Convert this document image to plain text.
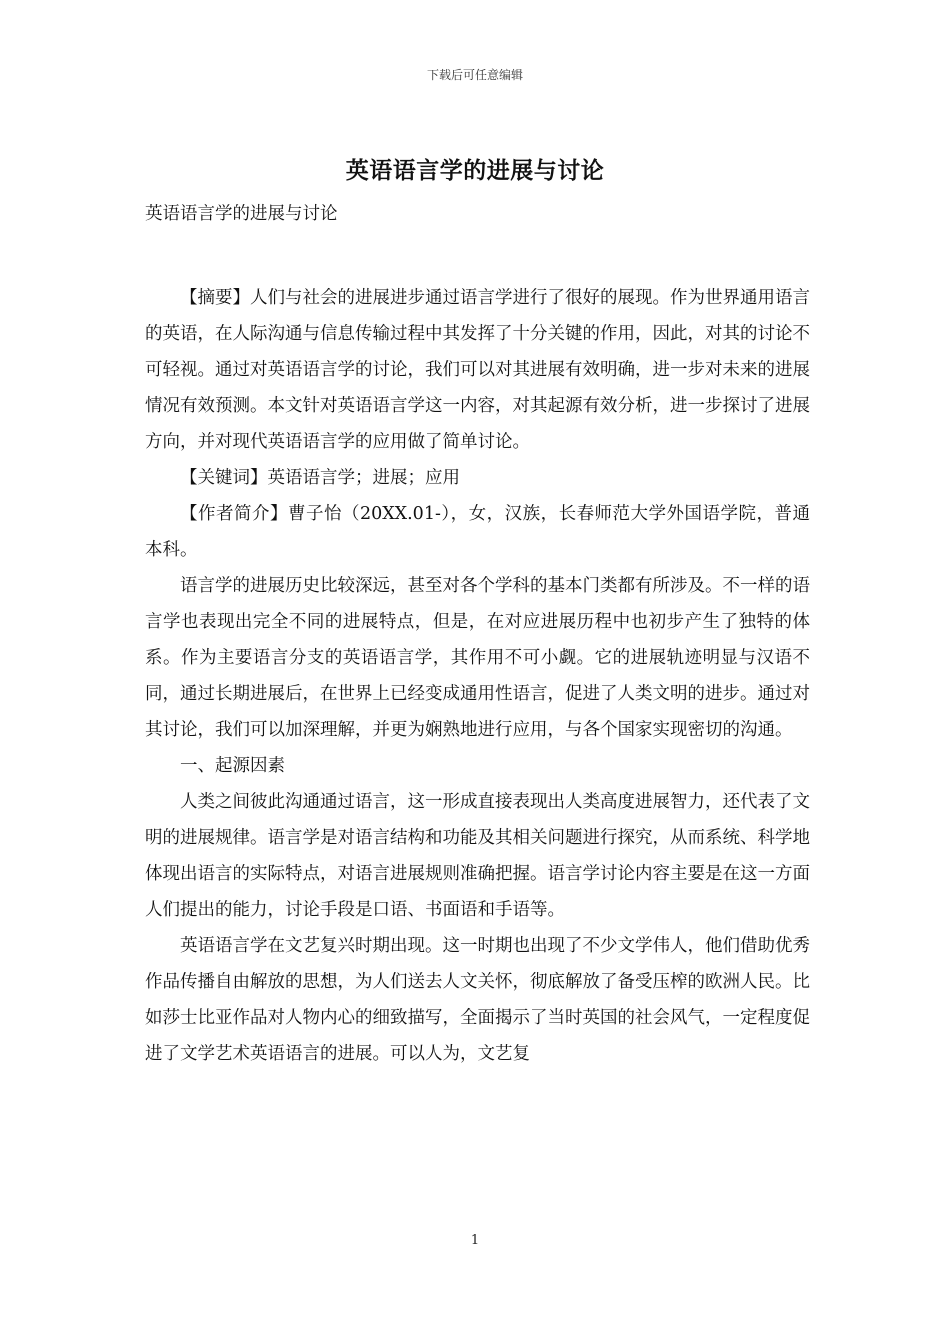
下载后可任意编辑
英语语言学的进展与讨论

英语语言学的进展与讨论

【摘要】人们与社会的进展进步通过语言学进行了很好的展现。作为世界通用语言的英语，在人际沟通与信息传输过程中其发挥了十分关键的作用，因此，对其的讨论不可轻视。通过对英语语言学的讨论，我们可以对其进展有效明确，进一步对未来的进展情况有效预测。本文针对英语语言学这一内容，对其起源有效分析，进一步探讨了进展方向，并对现代英语语言学的应用做了简单讨论。

【关键词】英语语言学；进展；应用

【作者简介】曹子怡（20XX.01-），女，汉族，长春师范大学外国语学院，普通本科。

语言学的进展历史比较深远，甚至对各个学科的基本门类都有所涉及。不一样的语言学也表现出完全不同的进展特点，但是，在对应进展历程中也初步产生了独特的体系。作为主要语言分支的英语语言学，其作用不可小觑。它的进展轨迹明显与汉语不同，通过长期进展后，在世界上已经变成通用性语言，促进了人类文明的进步。通过对其讨论，我们可以加深理解，并更为娴熟地进行应用，与各个国家实现密切的沟通。

一、起源因素

人类之间彼此沟通通过语言，这一形成直接表现出人类高度进展智力，还代表了文明的进展规律。语言学是对语言结构和功能及其相关问题进行探究，从而系统、科学地体现出语言的实际特点，对语言进展规则准确把握。语言学讨论内容主要是在这一方面人们提出的能力，讨论手段是口语、书面语和手语等。

英语语言学在文艺复兴时期出现。这一时期也出现了不少文学伟人，他们借助优秀作品传播自由解放的思想，为人们送去人文关怀，彻底解放了备受压榨的欧洲人民。比如莎士比亚作品对人物内心的细致描写，全面揭示了当时英国的社会风气，一定程度促进了文学艺术英语语言的进展。可以人为，文艺复

1
